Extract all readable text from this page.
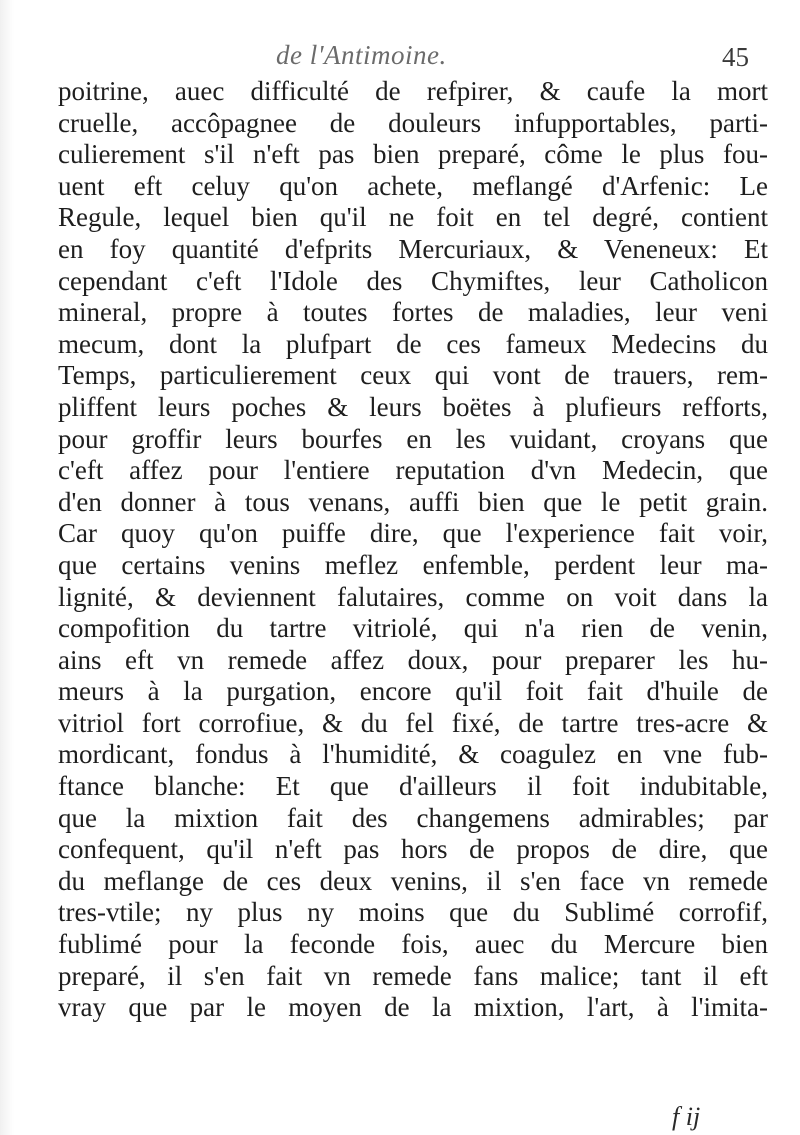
de l'Antimoine.	45
poitrine, auec difficulté de refpirer, & caufe la mort
cruelle, accôpagnee de douleurs infupportables, parti-
culierement s'il n'eft pas bien preparé, côme le plus fou-
uent eft celuy qu'on achete, meflangé d'Arfenic: Le
Regule, lequel bien qu'il ne foit en tel degré, contient
en foy quantité d'efprits Mercuriaux, & Veneneux: Et
cependant c'eft l'Idole des Chymiftes, leur Catholicon
mineral, propre à toutes fortes de maladies, leur veni
mecum, dont la plufpart de ces fameux Medecins du
Temps, particulierement ceux qui vont de trauers, rem-
pliffent leurs poches & leurs boëtes à plufieurs refforts,
pour groffir leurs bourfes en les vuidant, croyans que
c'eft affez pour l'entiere reputation d'vn Medecin, que
d'en donner à tous venans, auffi bien que le petit grain.
Car quoy qu'on puiffe dire, que l'experience fait voir,
que certains venins meflez enfemble, perdent leur ma-
lignité, & deviennent falutaires, comme on voit dans la
compofition du tartre vitriolé, qui n'a rien de venin,
ains eft vn remede affez doux, pour preparer les hu-
meurs à la purgation, encore qu'il foit fait d'huile de
vitriol fort corrofiue, & du fel fixé, de tartre tres-acre &
mordicant, fondus à l'humidité, & coagulez en vne fub-
ftance blanche: Et que d'ailleurs il foit indubitable,
que la mixtion fait des changemens admirables; par
confequent, qu'il n'eft pas hors de propos de dire, que
du meflange de ces deux venins, il s'en face vn remede
tres-vtile; ny plus ny moins que du Sublimé corrofif,
fublimé pour la feconde fois, auec du Mercure bien
preparé, il s'en fait vn remede fans malice; tant il eft
vray que par le moyen de la mixtion, l'art, à l'imita-
f ij
